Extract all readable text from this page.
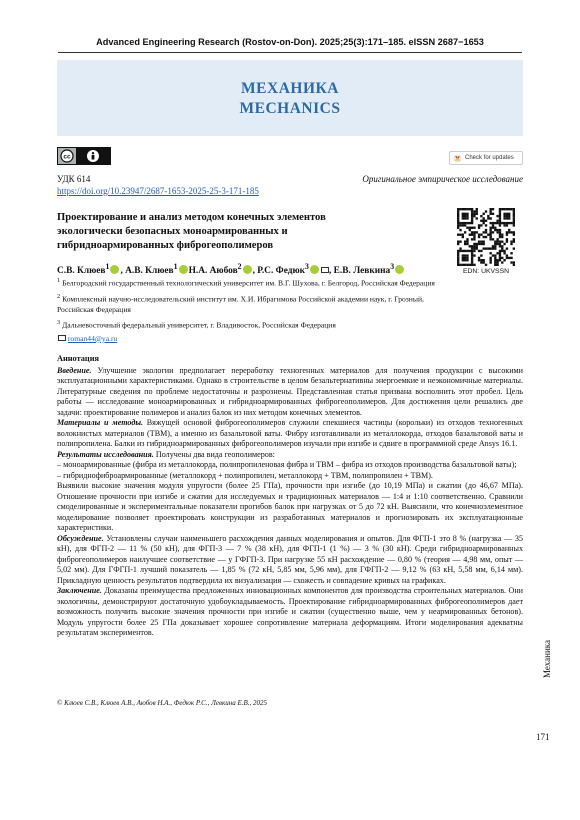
Advanced Engineering Research (Rostov-on-Don). 2025;25(3):171–185. eISSN 2687−1653
МЕХАНИКА
MECHANICS
cc	Check for updates
УДК 614
https://doi.org/10.23947/2687-1653-2025-25-3-171-185
Оригинальное эмпирическое исследование
Проектирование и анализ методом конечных элементов экологически безопасных моноармированных и гибридноармированных фиброгеополимеров
EDN: UKVSSN
С.В. Клюев$^1$ , А.В. Клюев$^1$ Н.А. Аюбов$^2$ , Р.С. Федюк$^3$ , Е.В. Левкина$^3$

$^1$ Белгородский государственный технологический университет им. В.Г. Шухова, г. Белгород, Российская Федерация

$^2$ Комплексный научно-исследовательский институт им. Х.И. Ибрагимова Российской академии наук, г. Грозный, Российская Федерация

$^3$ Дальневосточный федеральный университет, г. Владивосток, Российская Федерация

roman44@ya.ru

Аннотация

Введение. Улучшение экологии предполагает переработку техногенных материалов для получения продукции с высокими эксплуатационными характеристиками. Однако в строительстве в целом безальтернативны энергоемкие и неэкономичные материалы. Литературные сведения по проблеме недостаточны и разрознены. Представленная статья призвана восполнить этот пробел. Цель работы — исследование моноармированных и гибридноармированных фиброгеополимеров. Для достижения цели решались две задачи: проектирование полимеров и анализ балок из них методом конечных элементов.

Материалы и методы. Вяжущей основой фиброгеополимеров служили спекшиеся частицы (корольки) из отходов техногенных волокнистых материалов (ТВМ), а именно из базальтовой ваты. Фибру изготавливали из металлокорда, отходов базальтовой ваты и полипропилена. Балки из гибридноармированных фиброгеополимеров изучали при изгибе и сдвиге в программной среде Ansys 16.1.

Результаты исследования. Получены два вида геополимеров:

– моноармированные (фибра из металлокорда, полипропиленовая фибра и ТВМ – фибра из отходов производства базальтовой ваты);

– гибриднофиброармированные (металлокорд + полипропилен, металлокорд + ТВМ, полипропилен + ТВМ).

Выявили высокие значения модуля упругости (более 25 ГПа), прочности при изгибе (до 10,19 МПа) и сжатии (до 46,67 МПа). Отношение прочности при изгибе и сжатии для исследуемых и традиционных материалов — 1:4 и 1:10 соответственно. Сравнили смоделированные и экспериментальные показатели прогибов балок при нагрузках от 5 до 72 кН. Выяснили, что конечноэлементное моделирование позволяет проектировать конструкции из разработанных материалов и прогнозировать их эксплуатационные характеристики.

Обсуждение. Установлены случаи наименьшего расхождения данных моделирования и опытов. Для ФГП-1 это 8 % (нагрузка — 35 кН), для ФГП-2 — 11 % (50 кН), для ФГП-3 — 7 % (38 кН), для ФГП-1 (1 %) — 3 % (30 кН). Среди гибридноармированных фиброгеополимеров наилучшее соответствие — у ГФГП-3. При нагрузке 55 кН расхождение — 0,80 % (теория — 4,98 мм, опыт — 5,02 мм). Для ГФГП-1 лучший показатель — 1,85 % (72 кН, 5,85 мм, 5,96 мм), для ГФГП-2 — 9,12 % (63 кН, 5,58 мм, 6,14 мм). Прикладную ценность результатов подтвердила их визуализация — схожесть и совпадение кривых на графиках.

Заключение. Доказаны преимущества предложенных инновационных компонентов для производства строительных материалов. Они экологичны, демонстрируют достаточную удобоукладываемость. Проектирование гибридноармированных фиброгеополимеров дает возможность получить высокие значения прочности при изгибе и сжатии (существенно выше, чем у неармированных бетонов). Модуль упругости более 25 ГПа доказывает хорошее сопротивление материала деформациям. Итоги моделирования адекватны результатам экспериментов.

Механика
© Клюев С.В., Клюев А.В., Аюбов Н.А., Федюк Р.С., Левкина Е.В., 2025
171
